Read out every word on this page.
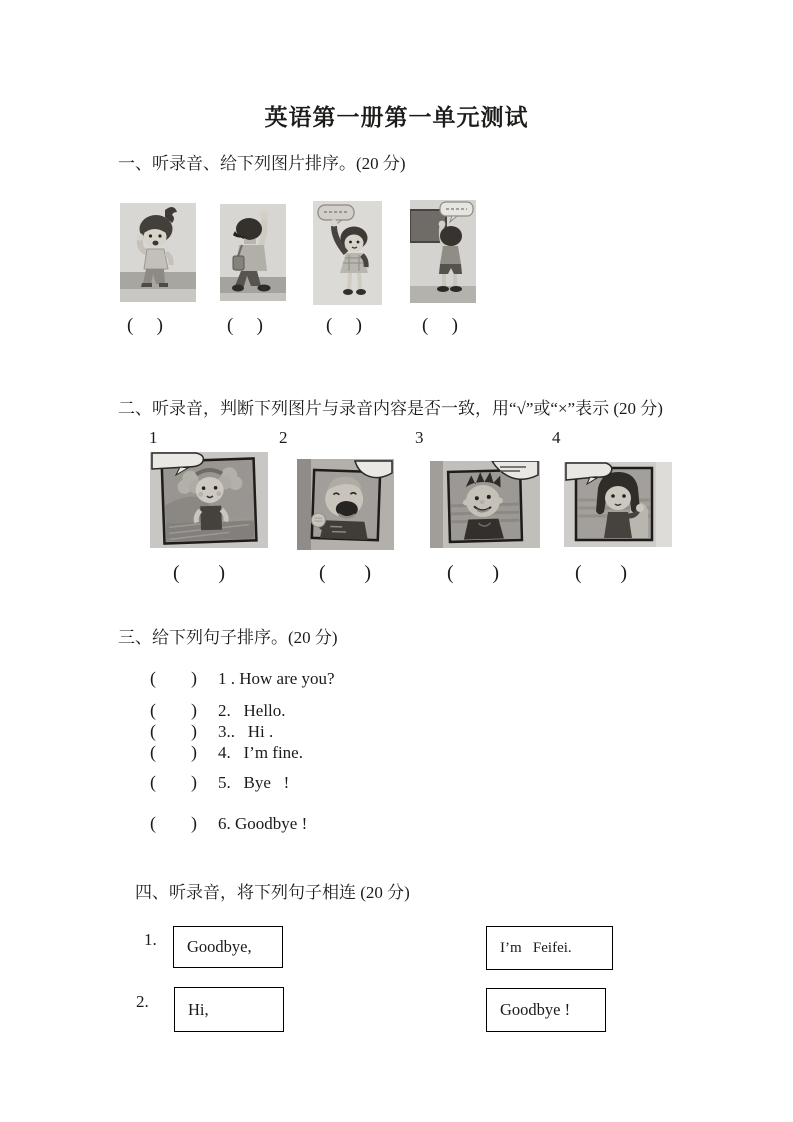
英语第一册第一单元测试
一、听录音、给下列图片排序。(20 分)
( )	( )	( )	( )
二、听录音，判断下列图片与录音内容是否一致，用“√”或“×”表示 (20 分)
1	2	3	4
( )	( )	( )	( )
三、给下列句子排序。(20 分)
( ) 1 . How are you?
( ) 2.   Hello.
( ) 3..   Hi .
( ) 4.   I’m fine.
( ) 5.   Bye   !
( ) 6. Goodbye !
四、听录音，将下列句子相连 (20 分)
1. Goodbye,	I’m   Feifei.
2. Hi,	Goodbye !
